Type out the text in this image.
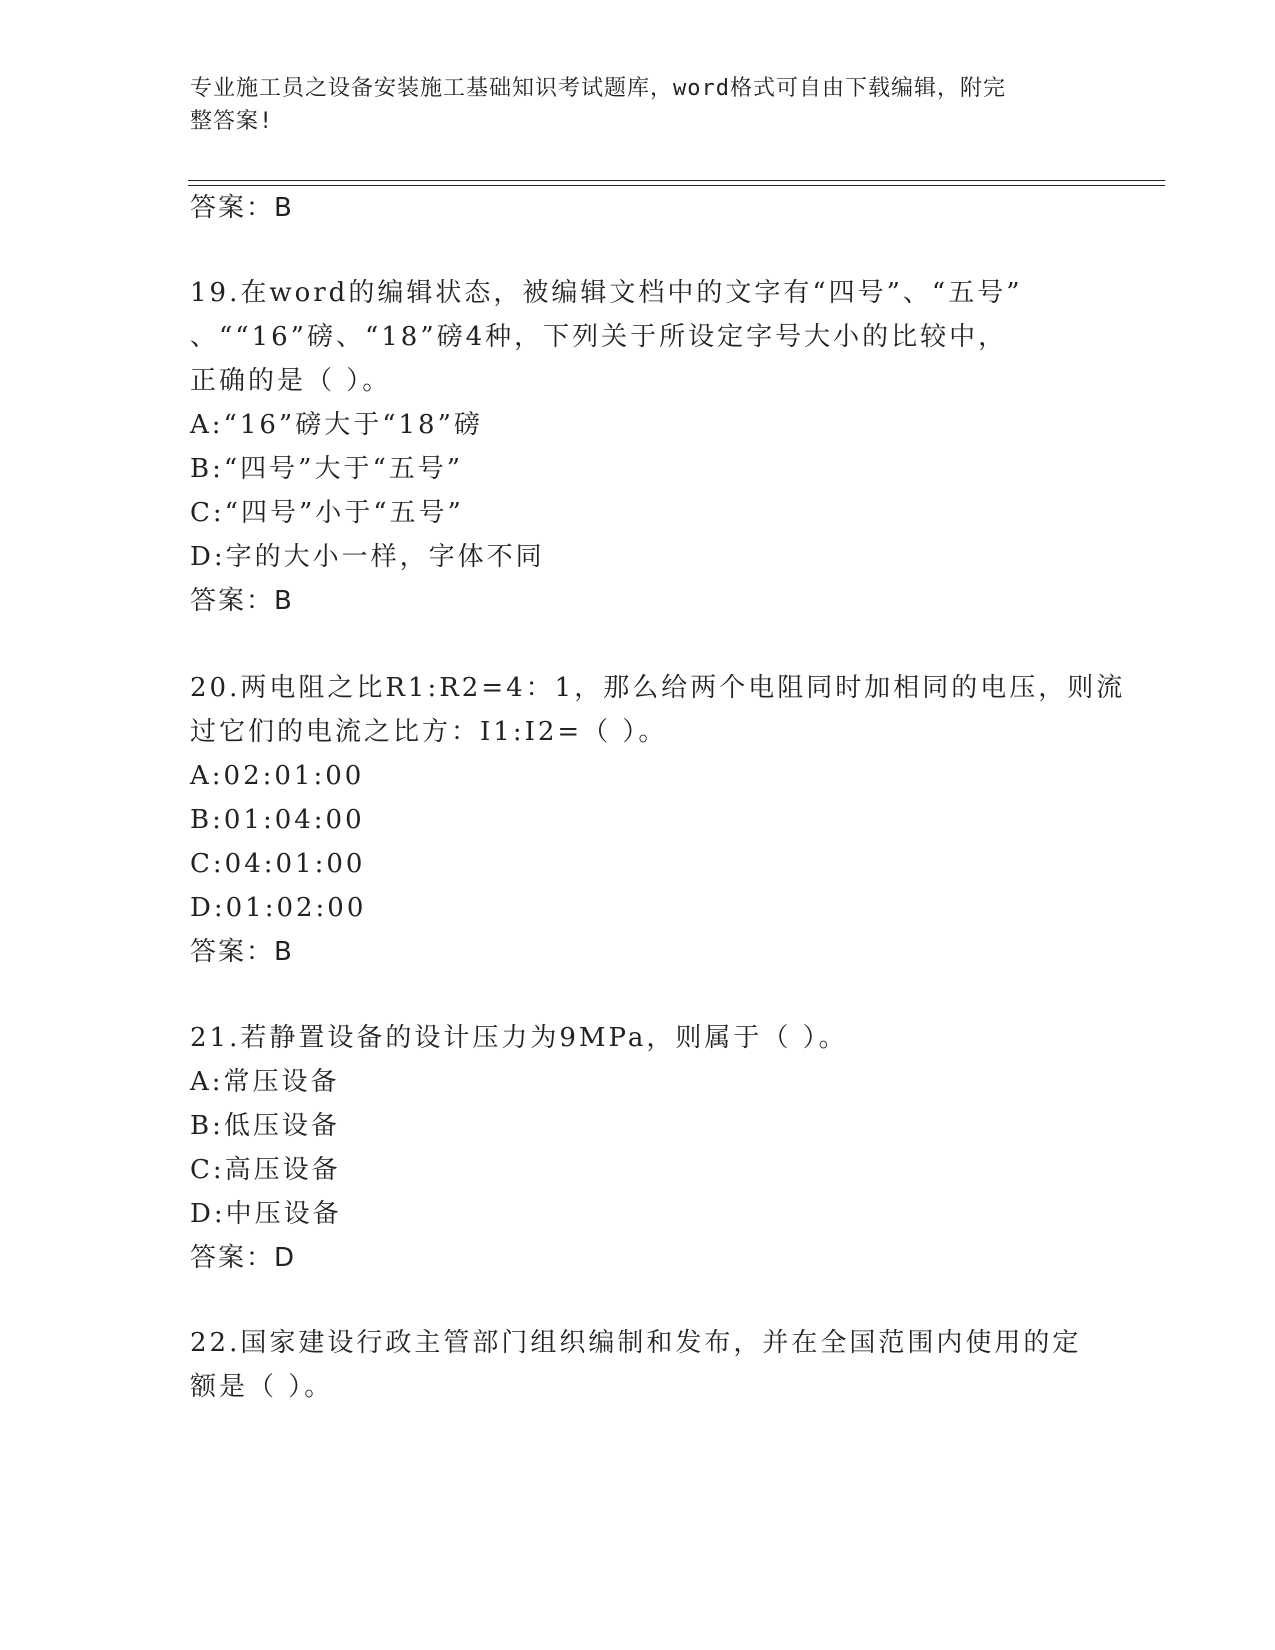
专业施工员之设备安装施工基础知识考试题库，word格式可自由下载编辑，附完
整答案!
答案：B
19.在word的编辑状态，被编辑文档中的文字有“四号”、“五号”
、““16”磅、“18”磅4种，下列关于所设定字号大小的比较中，
正确的是（ ）。
A:“16”磅大于“18”磅
B:“四号”大于“五号”
C:“四号”小于“五号”
D:字的大小一样，字体不同
答案：B
20.两电阻之比R1:R2=4：1，那么给两个电阻同时加相同的电压，则流
过它们的电流之比方：I1:I2=（ ）。
A:02:01:00
B:01:04:00
C:04:01:00
D:01:02:00
答案：B
21.若静置设备的设计压力为9MPa，则属于（ ）。
A:常压设备
B:低压设备
C:高压设备
D:中压设备
答案：D
22.国家建设行政主管部门组织编制和发布，并在全国范围内使用的定
额是（ ）。
